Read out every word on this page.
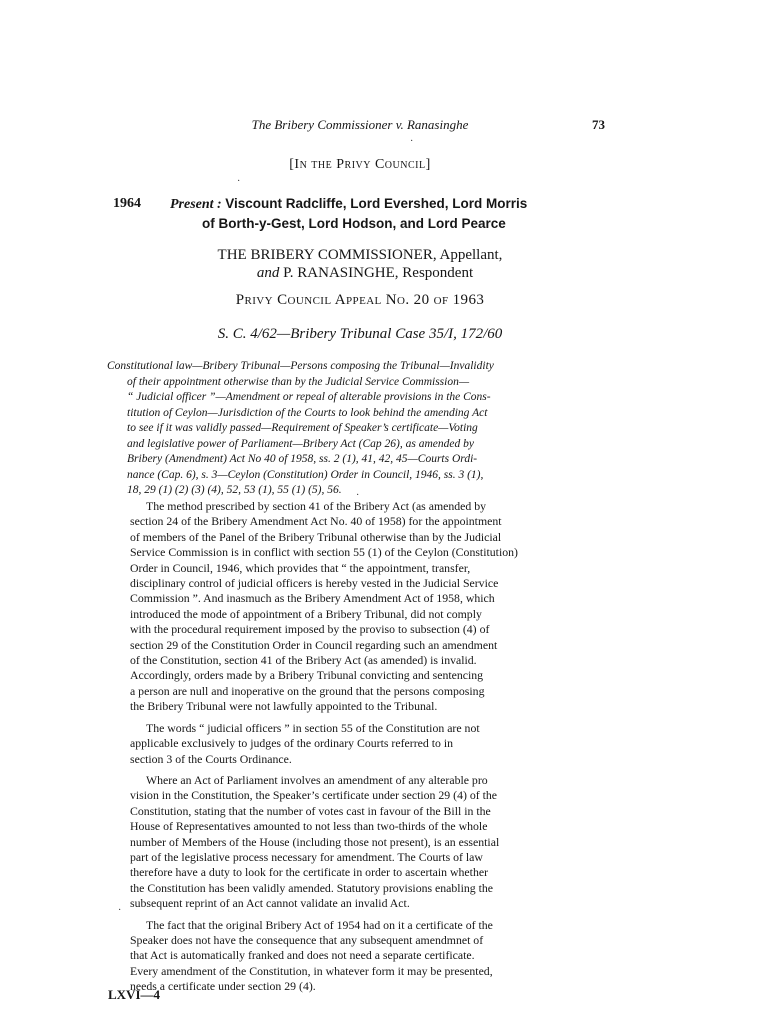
The Bribery Commissioner v. Ranasinghe	73
[In the Privy Council]
1964 Present : Viscount Radcliffe, Lord Evershed, Lord Morris
of Borth-y-Gest, Lord Hodson, and Lord Pearce
THE BRIBERY COMMISSIONER, Appellant,
and P. RANASINGHE, Respondent
Privy Council Appeal No. 20 of 1963
S. C. 4/62—Bribery Tribunal Case 35/I, 172/60
Constitutional law—Bribery Tribunal—Persons composing the Tribunal—Invalidity
of their appointment otherwise than by the Judicial Service Commission—
“ Judicial officer ”—Amendment or repeal of alterable provisions in the Cons-
titution of Ceylon—Jurisdiction of the Courts to look behind the amending Act
to see if it was validly passed—Requirement of Speaker’s certificate—Voting
and legislative power of Parliament—Bribery Act (Cap 26), as amended by
Bribery (Amendment) Act No 40 of 1958, ss. 2 (1), 41, 42, 45—Courts Ordi-
nance (Cap. 6), s. 3—Ceylon (Constitution) Order in Council, 1946, ss. 3 (1),
18, 29 (1) (2) (3) (4), 52, 53 (1), 55 (1) (5), 56.

The method prescribed by section 41 of the Bribery Act (as amended by
section 24 of the Bribery Amendment Act No. 40 of 1958) for the appointment
of members of the Panel of the Bribery Tribunal otherwise than by the Judicial
Service Commission is in conflict with section 55 (1) of the Ceylon (Constitution)
Order in Council, 1946, which provides that “ the appointment, transfer,
disciplinary control of judicial officers is hereby vested in the Judicial Service
Commission ”. And inasmuch as the Bribery Amendment Act of 1958, which
introduced the mode of appointment of a Bribery Tribunal, did not comply
with the procedural requirement imposed by the proviso to subsection (4) of
section 29 of the Constitution Order in Council regarding such an amendment
of the Constitution, section 41 of the Bribery Act (as amended) is invalid.
Accordingly, orders made by a Bribery Tribunal convicting and sentencing
a person are null and inoperative on the ground that the persons composing
the Bribery Tribunal were not lawfully appointed to the Tribunal.

The words “ judicial officers ” in section 55 of the Constitution are not
applicable exclusively to judges of the ordinary Courts referred to in
section 3 of the Courts Ordinance.

Where an Act of Parliament involves an amendment of any alterable pro
vision in the Constitution, the Speaker’s certificate under section 29 (4) of the
Constitution, stating that the number of votes cast in favour of the Bill in the
House of Representatives amounted to not less than two-thirds of the whole
number of Members of the House (including those not present), is an essential
part of the legislative process necessary for amendment. The Courts of law
therefore have a duty to look for the certificate in order to ascertain whether
the Constitution has been validly amended. Statutory provisions enabling the
subsequent reprint of an Act cannot validate an invalid Act.

The fact that the original Bribery Act of 1954 had on it a certificate of the
Speaker does not have the consequence that any subsequent amendmnet of
that Act is automatically franked and does not need a separate certificate.
Every amendment of the Constitution, in whatever form it may be presented,
needs a certificate under section 29 (4).

LXVI—4
·
·
·
·
